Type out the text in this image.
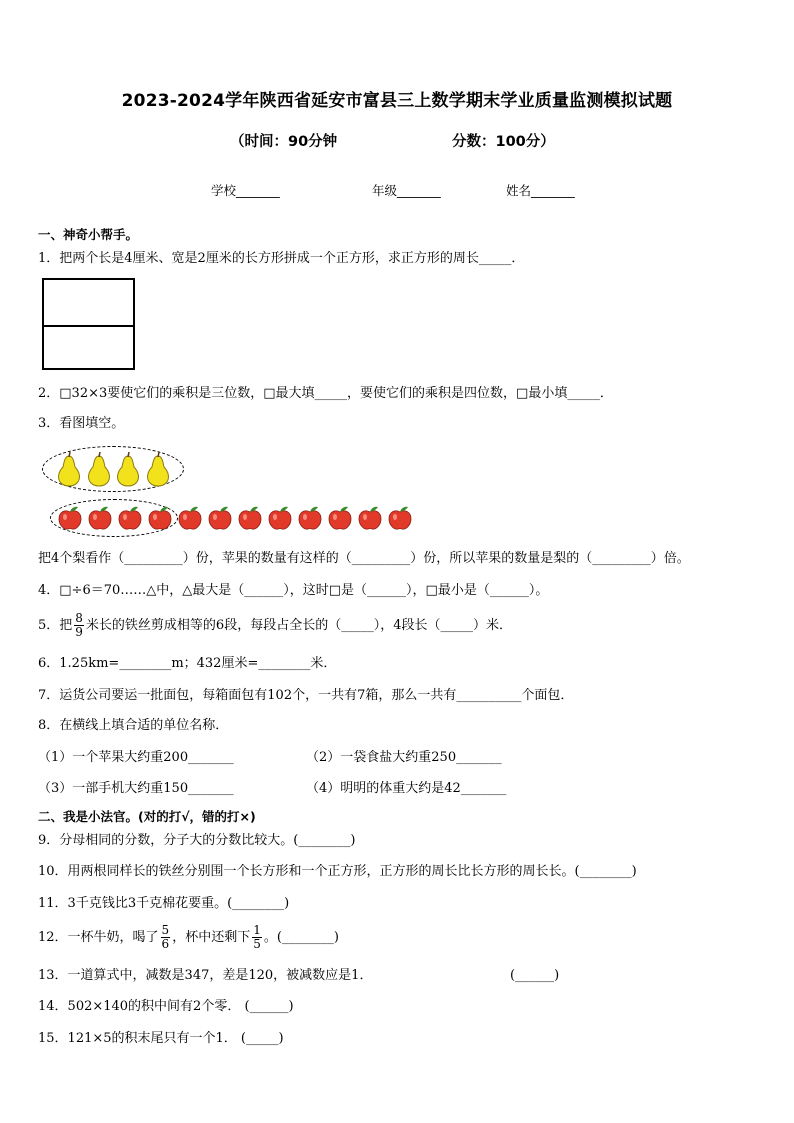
2023-2024学年陕西省延安市富县三上数学期末学业质量监测模拟试题
（时间：90分钟	分数：100分）
学校_______	年级_______	姓名_______
一、神奇小帮手。
1．把两个长是4厘米、宽是2厘米的长方形拼成一个正方形，求正方形的周长_____．
2．□32×3要使它们的乘积是三位数，□最大填_____，要使它们的乘积是四位数，□最小填_____．
3．看图填空。
把4个梨看作（_________）份，苹果的数量有这样的（_________）份，所以苹果的数量是梨的（_________）倍。
4．□÷6＝70……△中，△最大是（______），这时□是（______），□最小是（______）。
5．把 $\frac{8}{9}$ 米长的铁丝剪成相等的6段，每段占全长的（_____），4段长（_____）米．
6．1.25km=________m；432厘米=________米．
7．运货公司要运一批面包，每箱面包有102个，一共有7箱，那么一共有__________个面包．
8．在横线上填合适的单位名称．
（1）一个苹果大约重200_______	（2）一袋食盐大约重250_______
（3）一部手机大约重150_______	（4）明明的体重大约是42_______
二、我是小法官。(对的打√，错的打×)
9．分母相同的分数，分子大的分数比较大。(________)
10．用两根同样长的铁丝分别围一个长方形和一个正方形，正方形的周长比长方形的周长长。(________)
11．3千克钱比3千克棉花要重。(________)
12．一杯牛奶，喝了 $\frac{5}{6}$ ，杯中还剩下 $\frac{1}{5}$ 。(________)
13．一道算式中，减数是347，差是120，被减数应是1．	(______)
14．502×140的积中间有2个零． (______)
15．121×5的积末尾只有一个1． (_____)
